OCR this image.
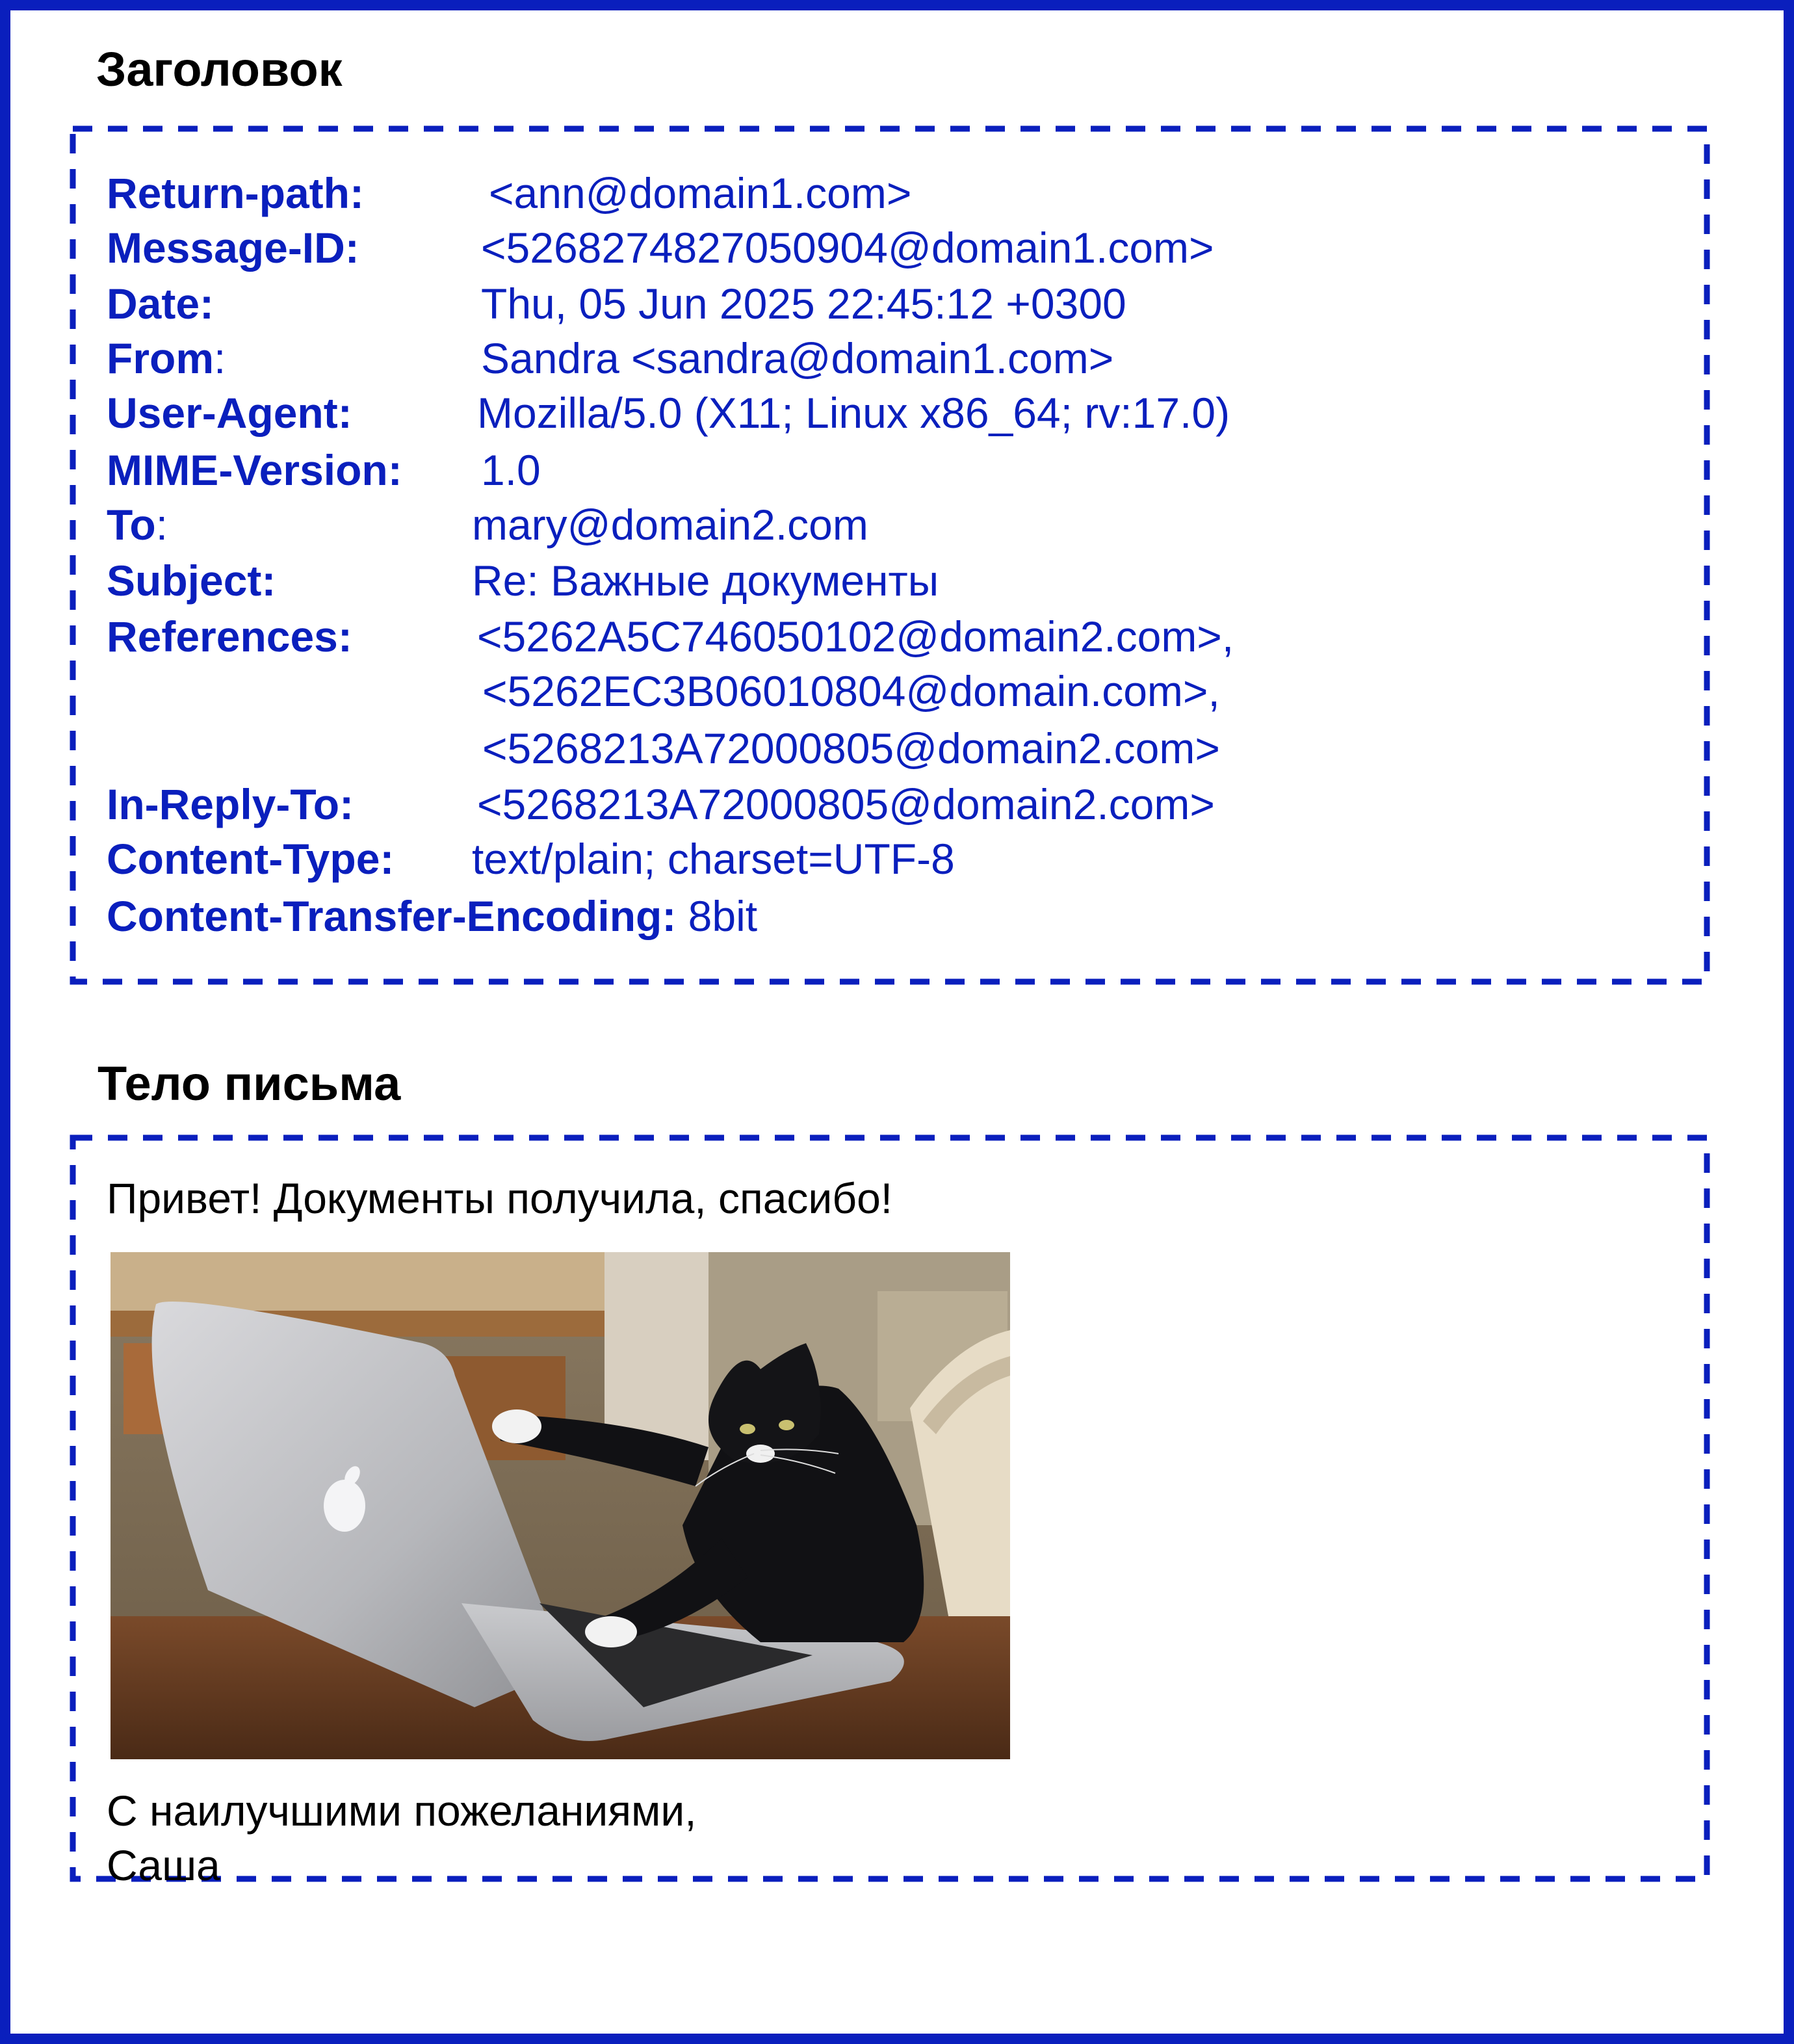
Заголовок
Return-path:	<ann@domain1.com>
Message-ID:	<5268274827050904@domain1.com>
Date:	Thu, 05 Jun 2025 22:45:12 +0300
From:	Sandra <sandra@domain1.com>
User-Agent:	Mozilla/5.0 (X11; Linux x86_64; rv:17.0)
MIME-Version: 1.0
To:	mary@domain2.com
Subject:	Re: Важные документы
References:	<5262A5C746050102@domain2.com>,
<5262EC3B06010804@domain.com>,
<5268213A72000805@domain2.com>
In-Reply-To:	<5268213A72000805@domain2.com>
Content-Type: text/plain; charset=UTF-8
Content-Transfer-Encoding: 8bit
Тело письма
Привет! Документы получила, спасибо!
С наилучшими пожеланиями,
Саша
